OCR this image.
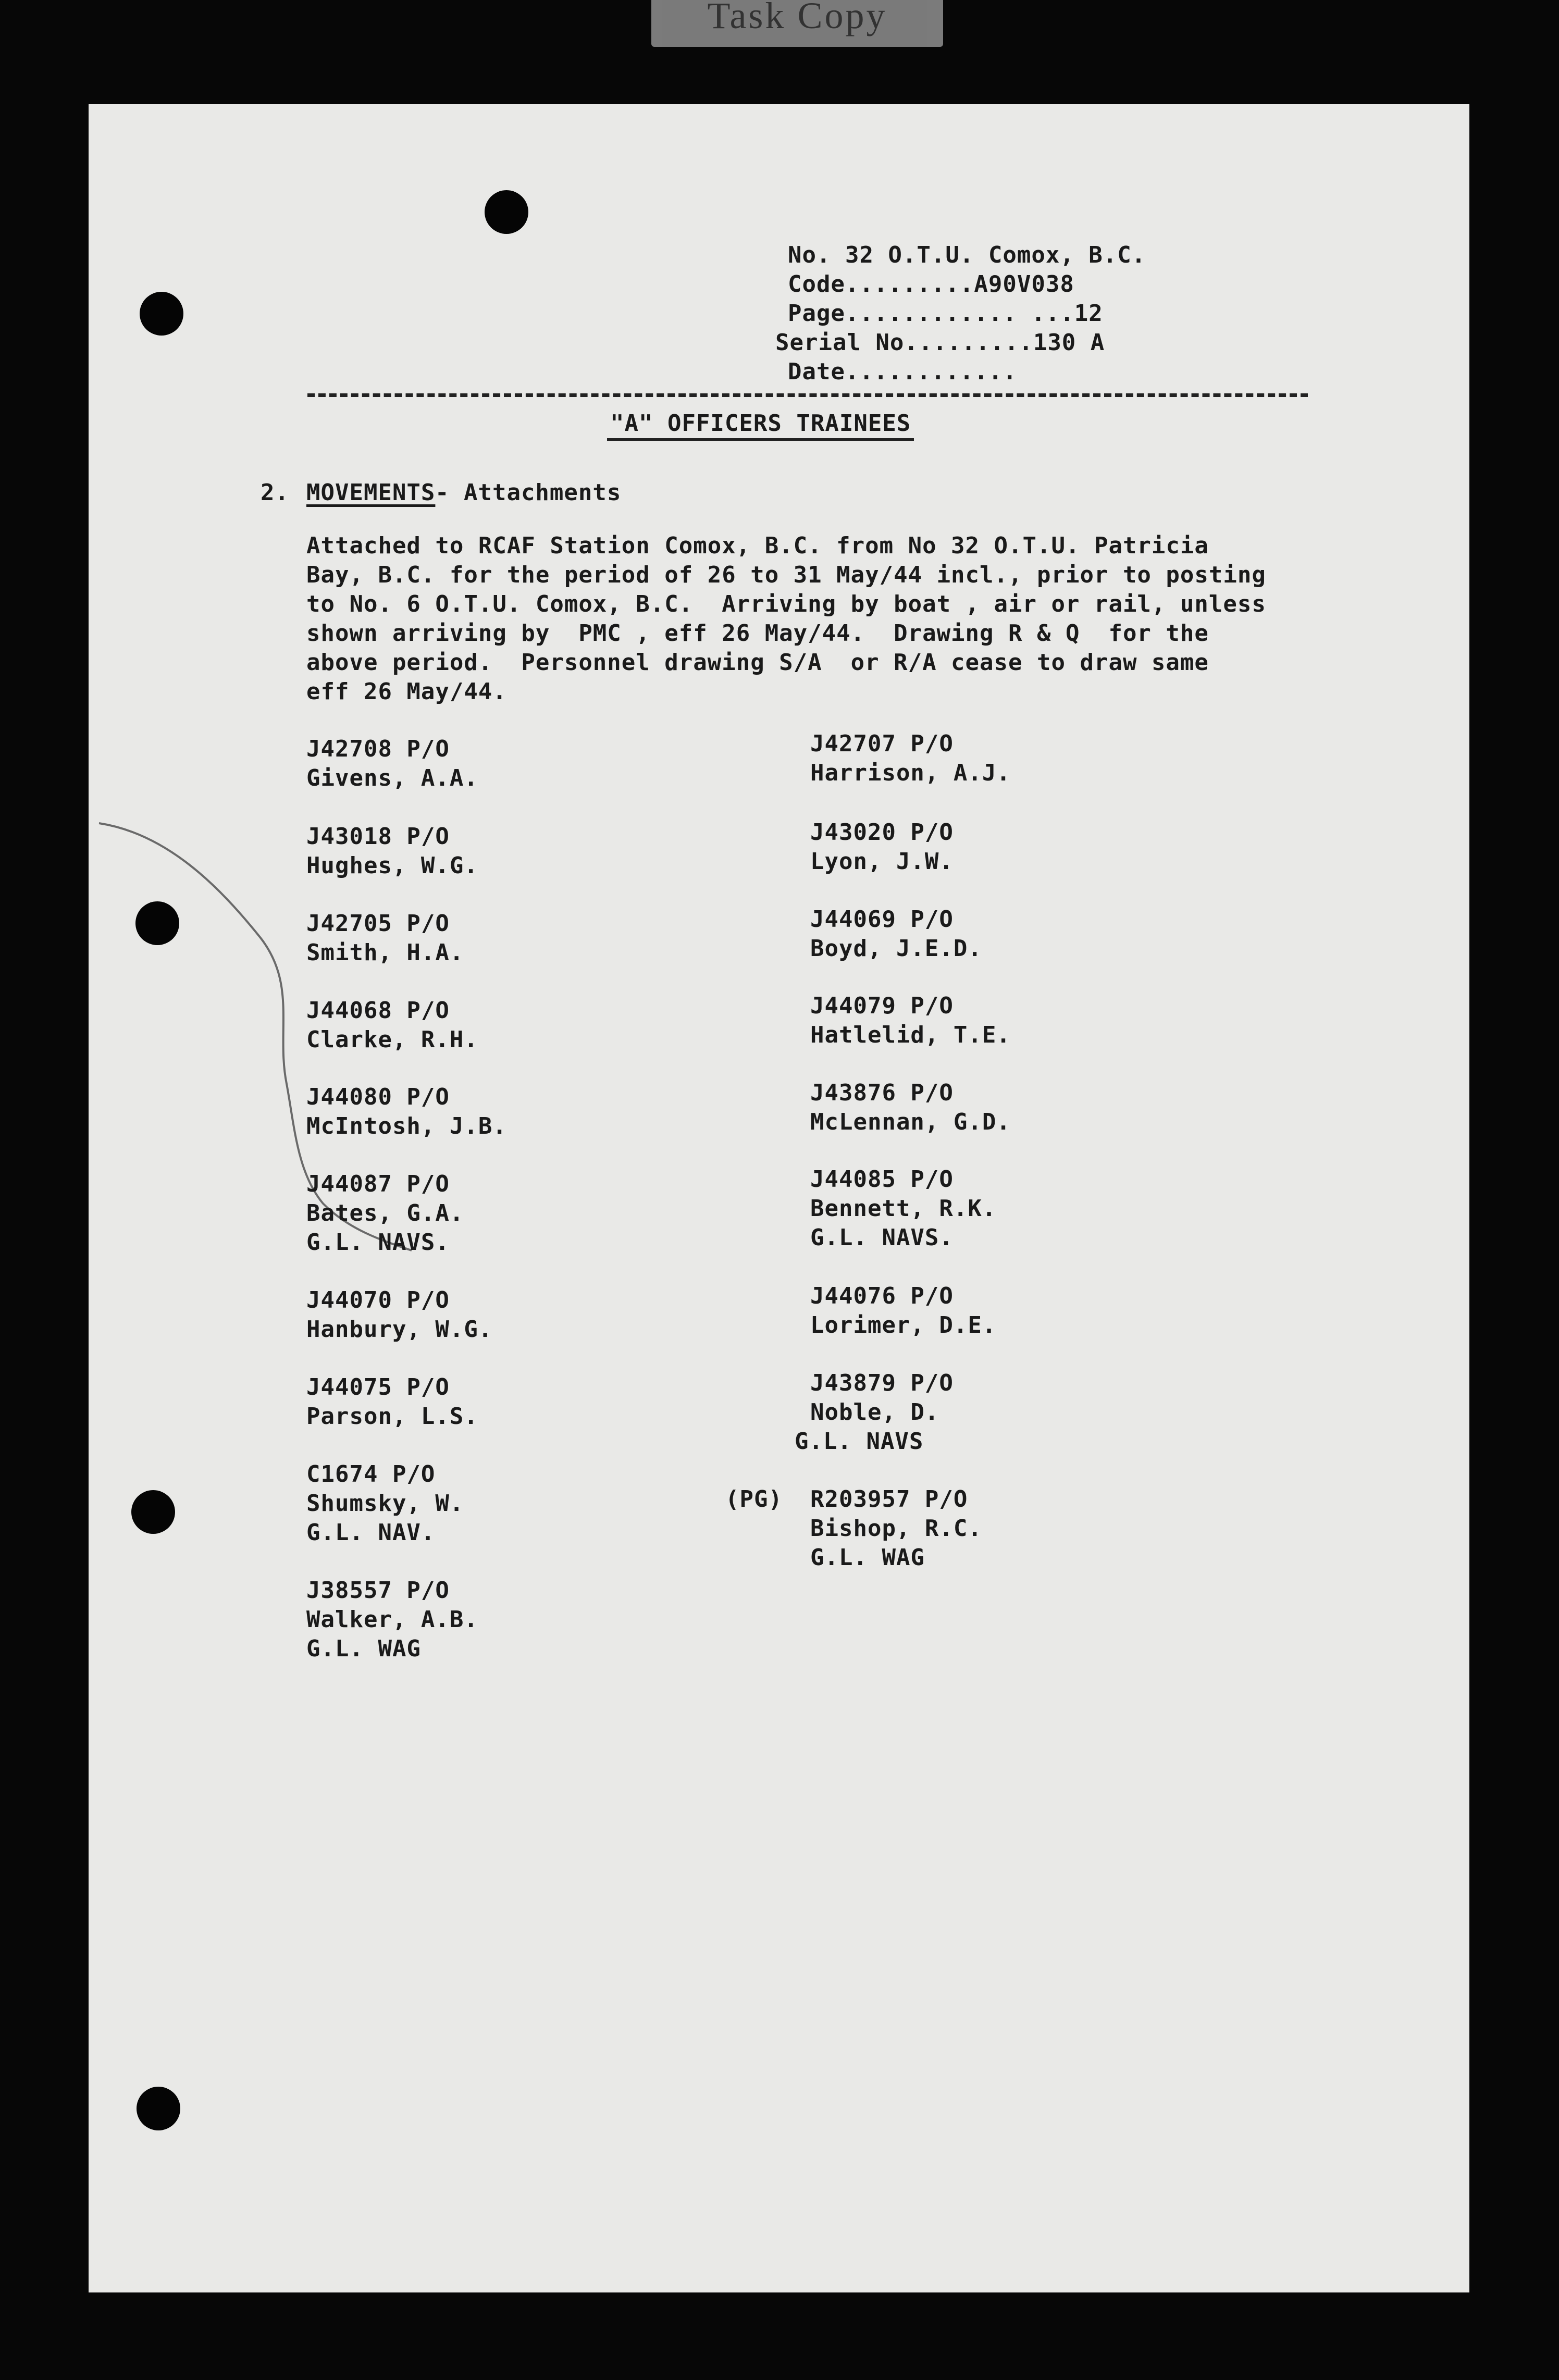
Task Copy
No. 32 O.T.U. Comox, B.C.
Code.........A90V038
Page............ ...12
Serial No.........130 A
Date............
"A" OFFICERS TRAINEES
2. MOVEMENTS - Attachments
Attached to RCAF Station Comox, B.C. from No 32 O.T.U. Patricia
Bay, B.C. for the period of 26 to 31 May/44 incl., prior to posting
to No. 6 O.T.U. Comox, B.C.  Arriving by boat , air or rail, unless
shown arriving by  PMC , eff 26 May/44.  Drawing R & Q  for the
above period.  Personnel drawing S/A  or R/A cease to draw same
eff 26 May/44.
J42708 P/O
Givens, A.A.
J43018 P/O
Hughes, W.G.
J42705 P/O
Smith, H.A.
J44068 P/O
Clarke, R.H.
J44080 P/O
McIntosh, J.B.
J44087 P/O
Bates, G.A.
G.L. NAVS.
J44070 P/O
Hanbury, W.G.
J44075 P/O
Parson, L.S.
C1674 P/O
Shumsky, W.
G.L. NAV.
J38557 P/O
Walker, A.B.
G.L. WAG
J42707 P/O
Harrison, A.J.
J43020 P/O
Lyon, J.W.
J44069 P/O
Boyd, J.E.D.
J44079 P/O
Hatlelid, T.E.
J43876 P/O
McLennan, G.D.
J44085 P/O
Bennett, R.K.
G.L. NAVS.
J44076 P/O
Lorimer, D.E.
J43879 P/O
Noble, D.
G.L. NAVS
(PG) R203957 P/O
Bishop, R.C.
G.L. WAG
